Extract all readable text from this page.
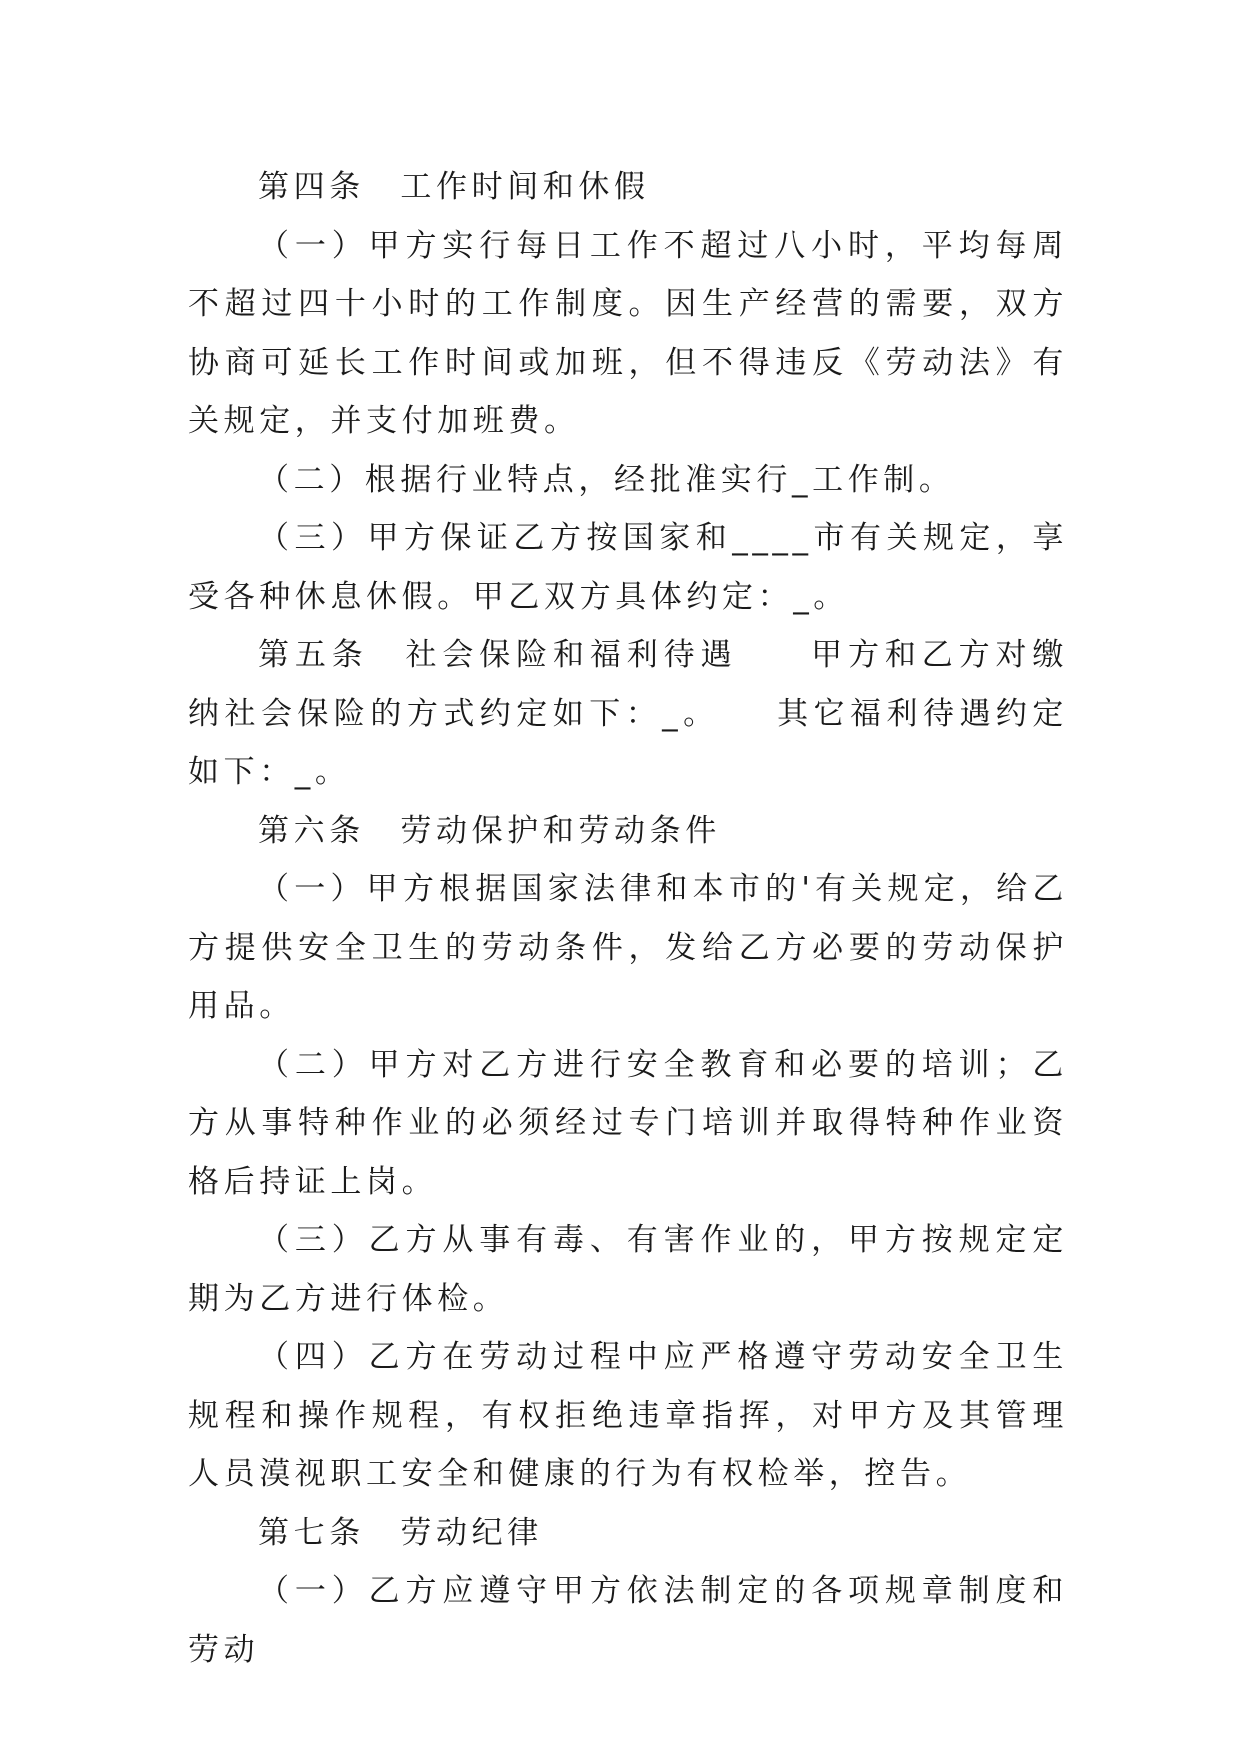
第四条　工作时间和休假

（一）甲方实行每日工作不超过八小时，平均每周不超过四十小时的工作制度。因生产经营的需要，双方协商可延长工作时间或加班，但不得违反《劳动法》有关规定，并支付加班费。

（二）根据行业特点，经批准实行_工作制。

（三）甲方保证乙方按国家和____市有关规定，享受各种休息休假。甲乙双方具体约定：_。

第五条　社会保险和福利待遇　　甲方和乙方对缴纳社会保险的方式约定如下：_。　　其它福利待遇约定如下：_。

第六条　劳动保护和劳动条件

（一）甲方根据国家法律和本市的'有关规定，给乙方提供安全卫生的劳动条件，发给乙方必要的劳动保护用品。

（二）甲方对乙方进行安全教育和必要的培训；乙方从事特种作业的必须经过专门培训并取得特种作业资格后持证上岗。

（三）乙方从事有毒、有害作业的，甲方按规定定期为乙方进行体检。

（四）乙方在劳动过程中应严格遵守劳动安全卫生规程和操作规程，有权拒绝违章指挥，对甲方及其管理人员漠视职工安全和健康的行为有权检举，控告。

第七条　劳动纪律

（一）乙方应遵守甲方依法制定的各项规章制度和劳动
